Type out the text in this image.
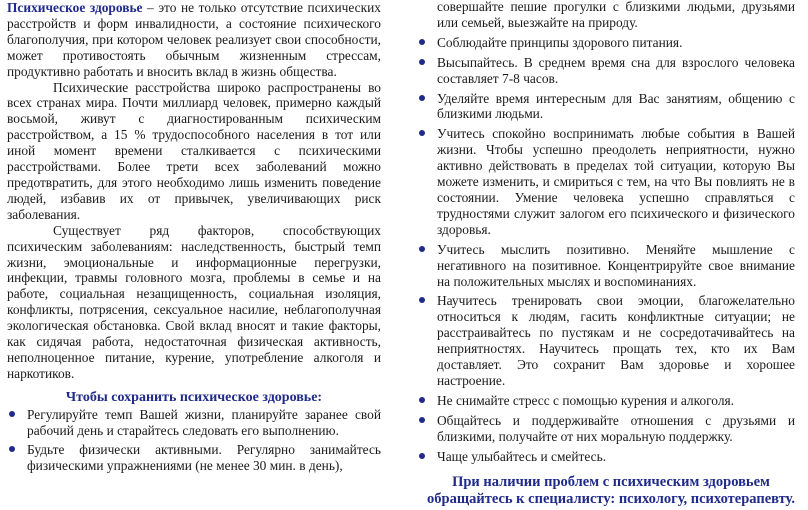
Психическое здоровье – это не только отсутствие психических расстройств и форм инвалидности, а состояние психического благополучия, при котором человек реализует свои способности, может противостоять обычным жизненным стрессам, продуктивно работать и вносить вклад в жизнь общества.

Психические расстройства широко распространены во всех странах мира. Почти миллиард человек, примерно каждый восьмой, живут с диагностированным психическим расстройством, а 15 % трудоспособного населения в тот или иной момент времени сталкивается с психическими расстройствами. Более трети всех заболеваний можно предотвратить, для этого необходимо лишь изменить поведение людей, избавив их от привычек, увеличивающих риск заболевания.

Существует ряд факторов, способствующих психическим заболеваниям: наследственность, быстрый темп жизни, эмоциональные и информационные перегрузки, инфекции, травмы головного мозга, проблемы в семье и на работе, социальная незащищенность, социальная изоляция, конфликты, потрясения, сексуальное насилие, неблагополучная экологическая обстановка. Свой вклад вносят и такие факторы, как сидячая работа, недостаточная физическая активность, неполноценное питание, курение, употребление алкоголя и наркотиков.

Чтобы сохранить психическое здоровье:
Регулируйте темп Вашей жизни, планируйте заранее свой рабочий день и старайтесь следовать его выполнению.
Будьте физически активными. Регулярно занимайтесь физическими упражнениями (не менее 30 мин. в день),

совершайте пешие прогулки с близкими людьми, друзьями или семьей, выезжайте на природу.

Соблюдайте принципы здорового питания.
Высыпайтесь. В среднем время сна для взрослого человека составляет 7-8 часов.
Уделяйте время интересным для Вас занятиям, общению с близкими людьми.
Учитесь спокойно воспринимать любые события в Вашей жизни. Чтобы успешно преодолеть неприятности, нужно активно действовать в пределах той ситуации, которую Вы можете изменить, и смириться с тем, на что Вы повлиять не в состоянии. Умение человека успешно справляться с трудностями служит залогом его психического и физического здоровья.
Учитесь мыслить позитивно. Меняйте мышление с негативного на позитивное. Концентрируйте свое внимание на положительных мыслях и воспоминаниях.
Научитесь тренировать свои эмоции, благожелательно относиться к людям, гасить конфликтные ситуации; не расстраивайтесь по пустякам и не сосредотачивайтесь на неприятностях. Научитесь прощать тех, кто их Вам доставляет. Это сохранит Вам здоровье и хорошее настроение.
Не снимайте стресс с помощью курения и алкоголя.
Общайтесь и поддерживайте отношения с друзьями и близкими, получайте от них моральную поддержку.
Чаще улыбайтесь и смейтесь.
При наличии проблем с психическим здоровьем обращайтесь к специалисту: психологу, психотерапевту.
